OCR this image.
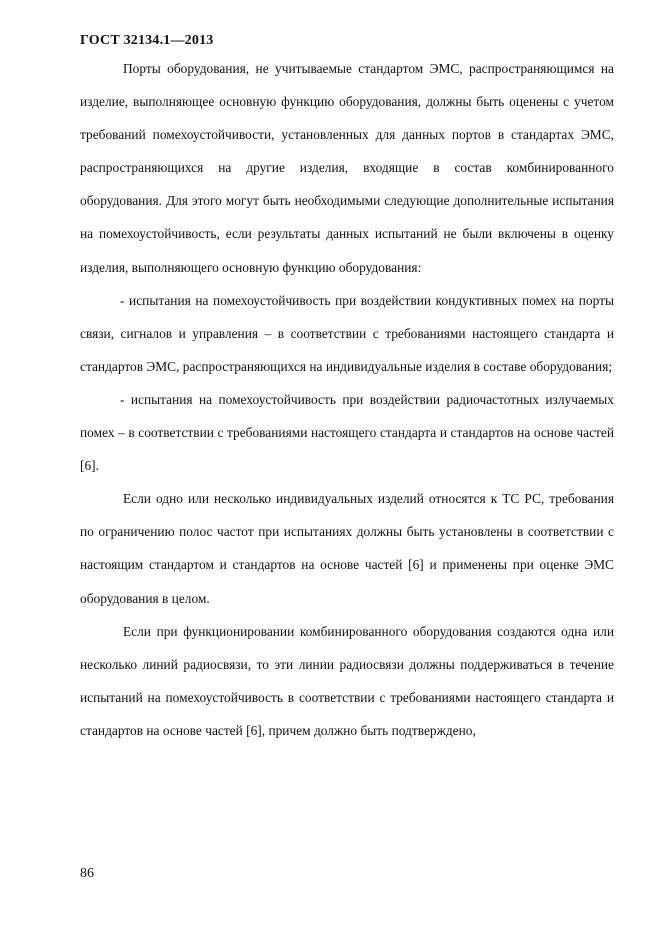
ГОСТ 32134.1—2013

Порты оборудования, не учитываемые стандартом ЭМС, распространяющимся на изделие, выполняющее основную функцию оборудования, должны быть оценены с учетом требований помехоустойчивости, установленных для данных портов в стандартах ЭМС, распространяющихся на другие изделия, входящие в состав комбинированного оборудования. Для этого могут быть необходимыми следующие дополнительные испытания на помехоустойчивость, если результаты данных испытаний не были включены в оценку изделия, выполняющего основную функцию оборудования:

- испытания на помехоустойчивость при воздействии кондуктивных помех на порты связи, сигналов и управления – в соответствии с требованиями настоящего стандарта и стандартов ЭМС, распространяющихся на индивидуальные изделия в составе оборудования;

- испытания на помехоустойчивость при воздействии радиочастотных излучаемых помех – в соответствии с требованиями настоящего стандарта и стандартов на основе частей [6].

Если одно или несколько индивидуальных изделий относятся к ТС РС, требования по ограничению полос частот при испытаниях должны быть установлены в соответствии с настоящим стандартом и стандартов на основе частей [6] и применены при оценке ЭМС оборудования в целом.

Если при функционировании комбинированного оборудования создаются одна или несколько линий радиосвязи, то эти линии радиосвязи должны поддерживаться в течение испытаний на помехоустойчивость в соответствии с требованиями настоящего стандарта и стандартов на основе частей [6], причем должно быть подтверждено,

86
